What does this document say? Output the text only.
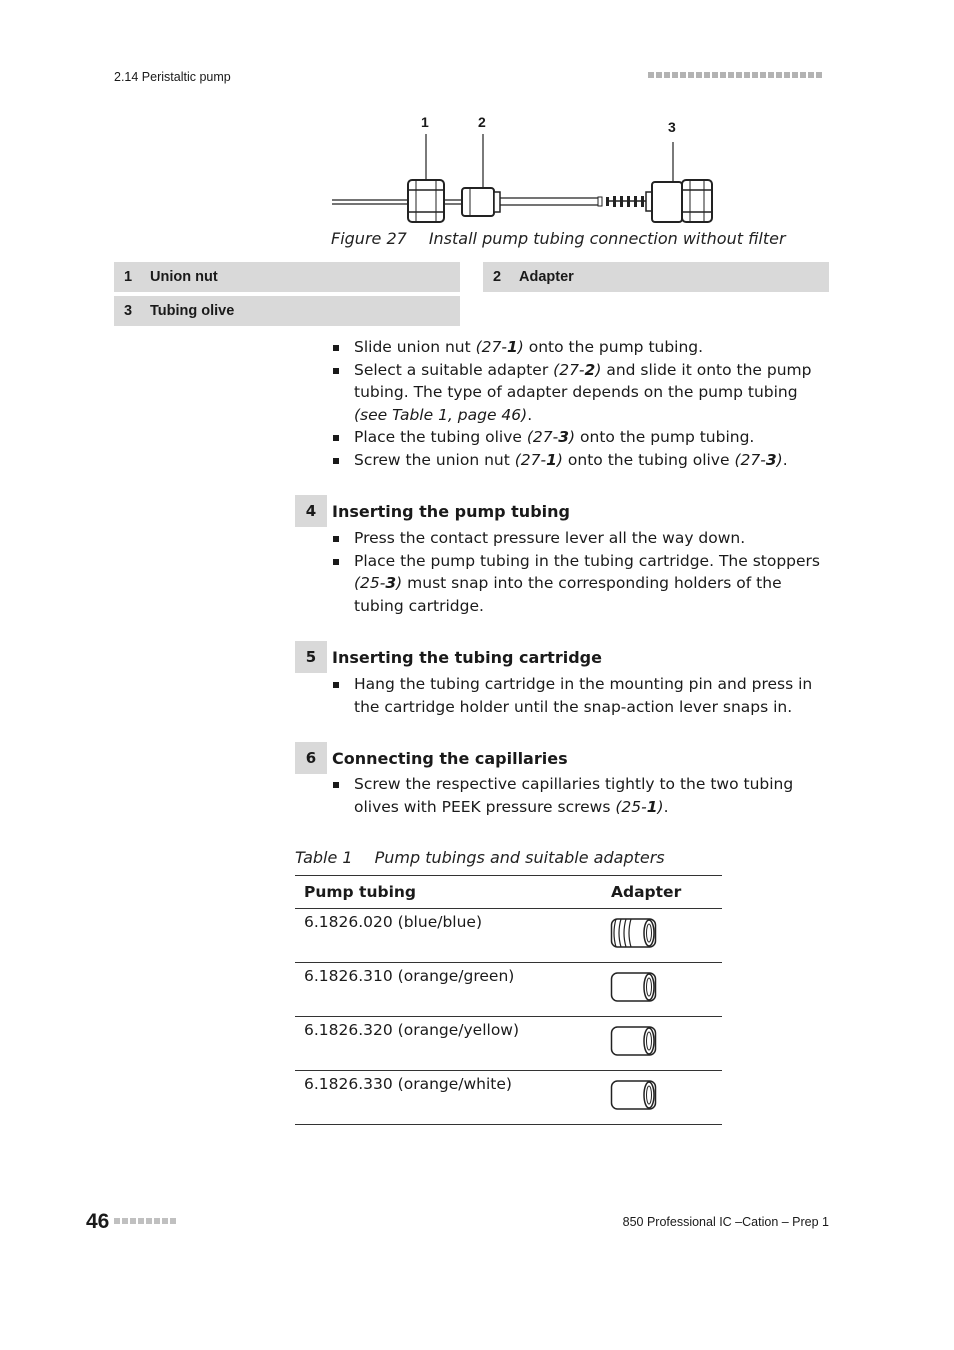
2.14 Peristaltic pump
1	2	3
Figure 27 Install pump tubing connection without filter
1	Union nut	2	Adapter
3	Tubing olive
Slide union nut (27-1) onto the pump tubing.
Select a suitable adapter (27-2) and slide it onto the pump tubing. The type of adapter depends on the pump tubing (see Table 1, page 46).
Place the tubing olive (27-3) onto the pump tubing.
Screw the union nut (27-1) onto the tubing olive (27-3).
4 Inserting the pump tubing
Press the contact pressure lever all the way down.
Place the pump tubing in the tubing cartridge. The stoppers (25-3) must snap into the corresponding holders of the tubing cartridge.
5 Inserting the tubing cartridge
Hang the tubing cartridge in the mounting pin and press in the cartridge holder until the snap-action lever snaps in.
6 Connecting the capillaries
Screw the respective capillaries tightly to the two tubing olives with PEEK pressure screws (25-1).
Table 1 Pump tubings and suitable adapters
Pump tubing	Adapter
6.1826.020 (blue/blue)	
6.1826.310 (orange/green)	
6.1826.320 (orange/yellow)	
6.1826.330 (orange/white)	
46	850 Professional IC –Cation – Prep 1
